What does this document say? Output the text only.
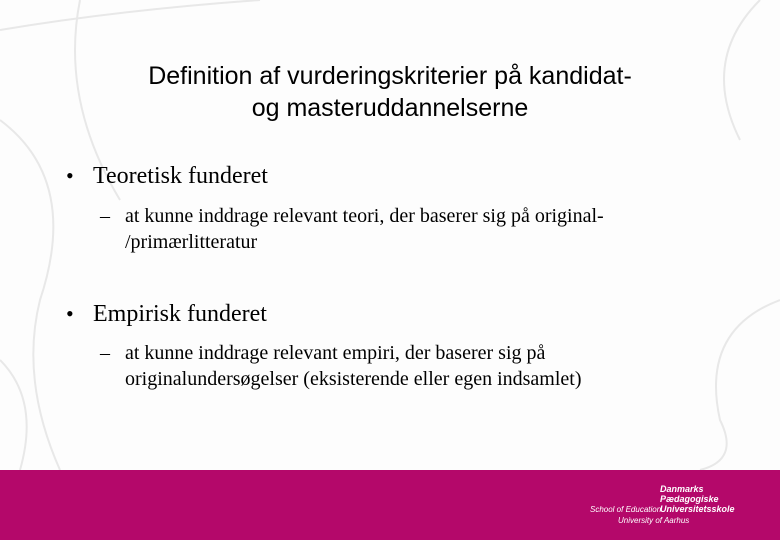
Definition af vurderingskriterier på kandidat-
og masteruddannelserne
• Teoretisk funderet
– at kunne inddrage relevant teori, der baserer sig på original-
/primærlitteratur
• Empirisk funderet
– at kunne inddrage relevant empiri, der baserer sig på
originalundersøgelser (eksisterende eller egen indsamlet)
Danmarks
Pædagogiske
Universitetsskole
School of Education
University of Aarhus
